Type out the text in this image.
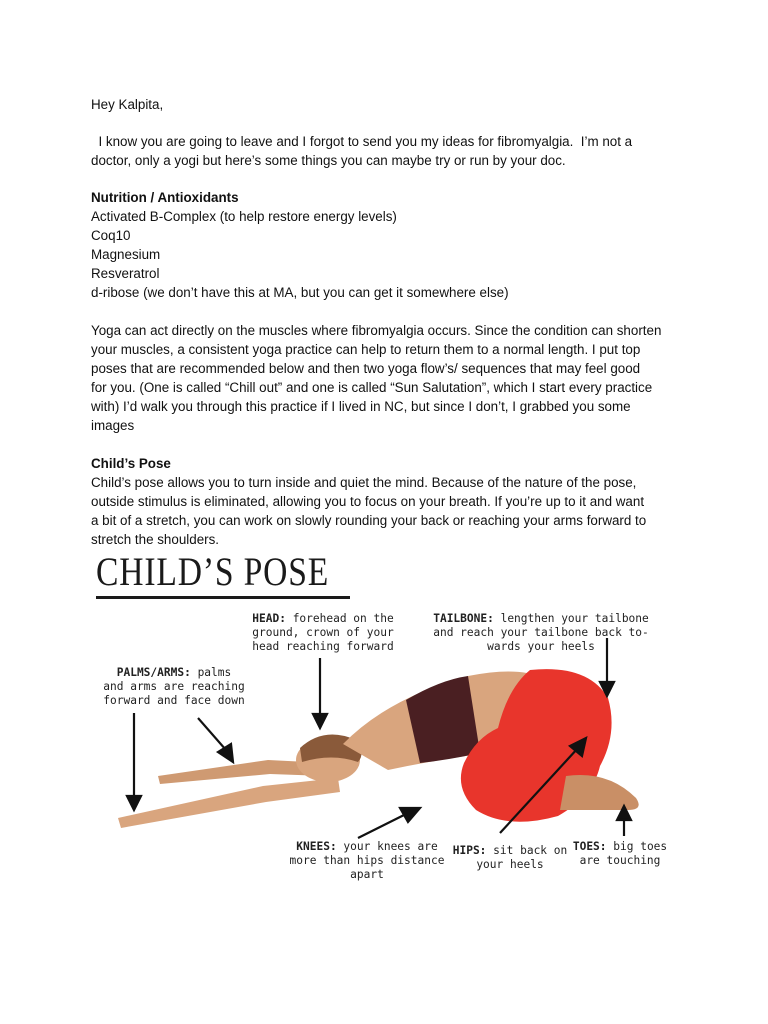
Hey Kalpita,

I know you are going to leave and I forgot to send you my ideas for fibromyalgia.  I’m not a

doctor, only a yogi but here’s some things you can maybe try or run by your doc.

Nutrition / Antioxidants

Activated B-Complex (to help restore energy levels)

Coq10

Magnesium

Resveratrol

d-ribose (we don’t have this at MA, but you can get it somewhere else)

Yoga can act directly on the muscles where fibromyalgia occurs. Since the condition can shorten

your muscles, a consistent yoga practice can help to return them to a normal length. I put top

poses that are recommended below and then two yoga flow’s/ sequences that may feel good

for you. (One is called “Chill out” and one is called “Sun Salutation”, which I start every practice

with) I’d walk you through this practice if I lived in NC, but since I don’t, I grabbed you some

images

Child’s Pose

Child’s pose allows you to turn inside and quiet the mind. Because of the nature of the pose,

outside stimulus is eliminated, allowing you to focus on your breath. If you’re up to it and want

a bit of a stretch, you can work on slowly rounding your back or reaching your arms forward to

stretch the shoulders.

CHILD’S POSE
HEAD: forehead on the
ground, crown of your
head reaching forward
TAILBONE: lengthen your tailbone
and reach your tailbone back to-
wards your heels
PALMS/ARMS: palms
and arms are reaching
forward and face down
KNEES: your knees are
more than hips distance
apart
HIPS: sit back on
your heels
TOES: big toes
are touching
